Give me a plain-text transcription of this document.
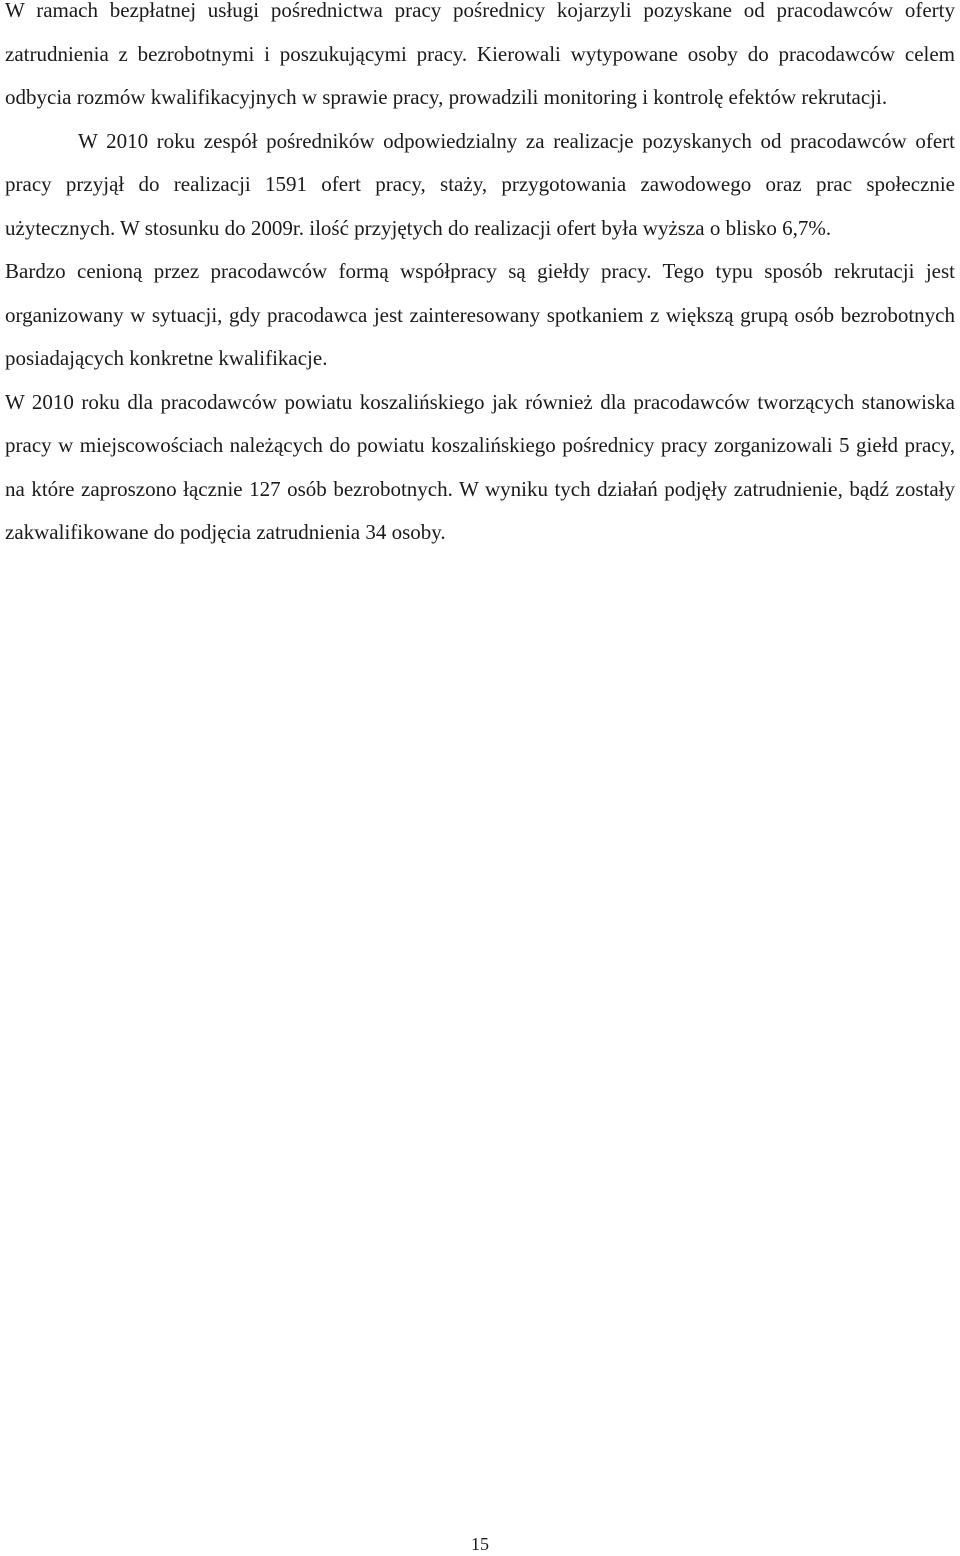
W ramach bezpłatnej usługi pośrednictwa pracy pośrednicy kojarzyli pozyskane od pracodawców oferty zatrudnienia z bezrobotnymi i poszukującymi pracy. Kierowali wytypowane osoby do pracodawców celem odbycia rozmów kwalifikacyjnych w sprawie pracy, prowadzili monitoring i kontrolę efektów rekrutacji.

W 2010 roku zespół pośredników odpowiedzialny za realizacje pozyskanych od pracodawców ofert pracy przyjął do realizacji 1591 ofert pracy, staży, przygotowania zawodowego oraz prac społecznie użytecznych. W stosunku do 2009r. ilość przyjętych do realizacji ofert była wyższa o blisko 6,7%.

Bardzo cenioną przez pracodawców formą współpracy są giełdy pracy. Tego typu sposób rekrutacji jest organizowany w sytuacji, gdy pracodawca jest zainteresowany spotkaniem z większą grupą osób bezrobotnych posiadających konkretne kwalifikacje.

W 2010 roku dla pracodawców powiatu koszalińskiego jak również dla pracodawców tworzących stanowiska pracy w miejscowościach należących do powiatu koszalińskiego pośrednicy pracy zorganizowali 5 giełd pracy, na które zaproszono łącznie 127 osób bezrobotnych. W wyniku tych działań podjęły zatrudnienie, bądź zostały zakwalifikowane do podjęcia zatrudnienia 34 osoby.

15
